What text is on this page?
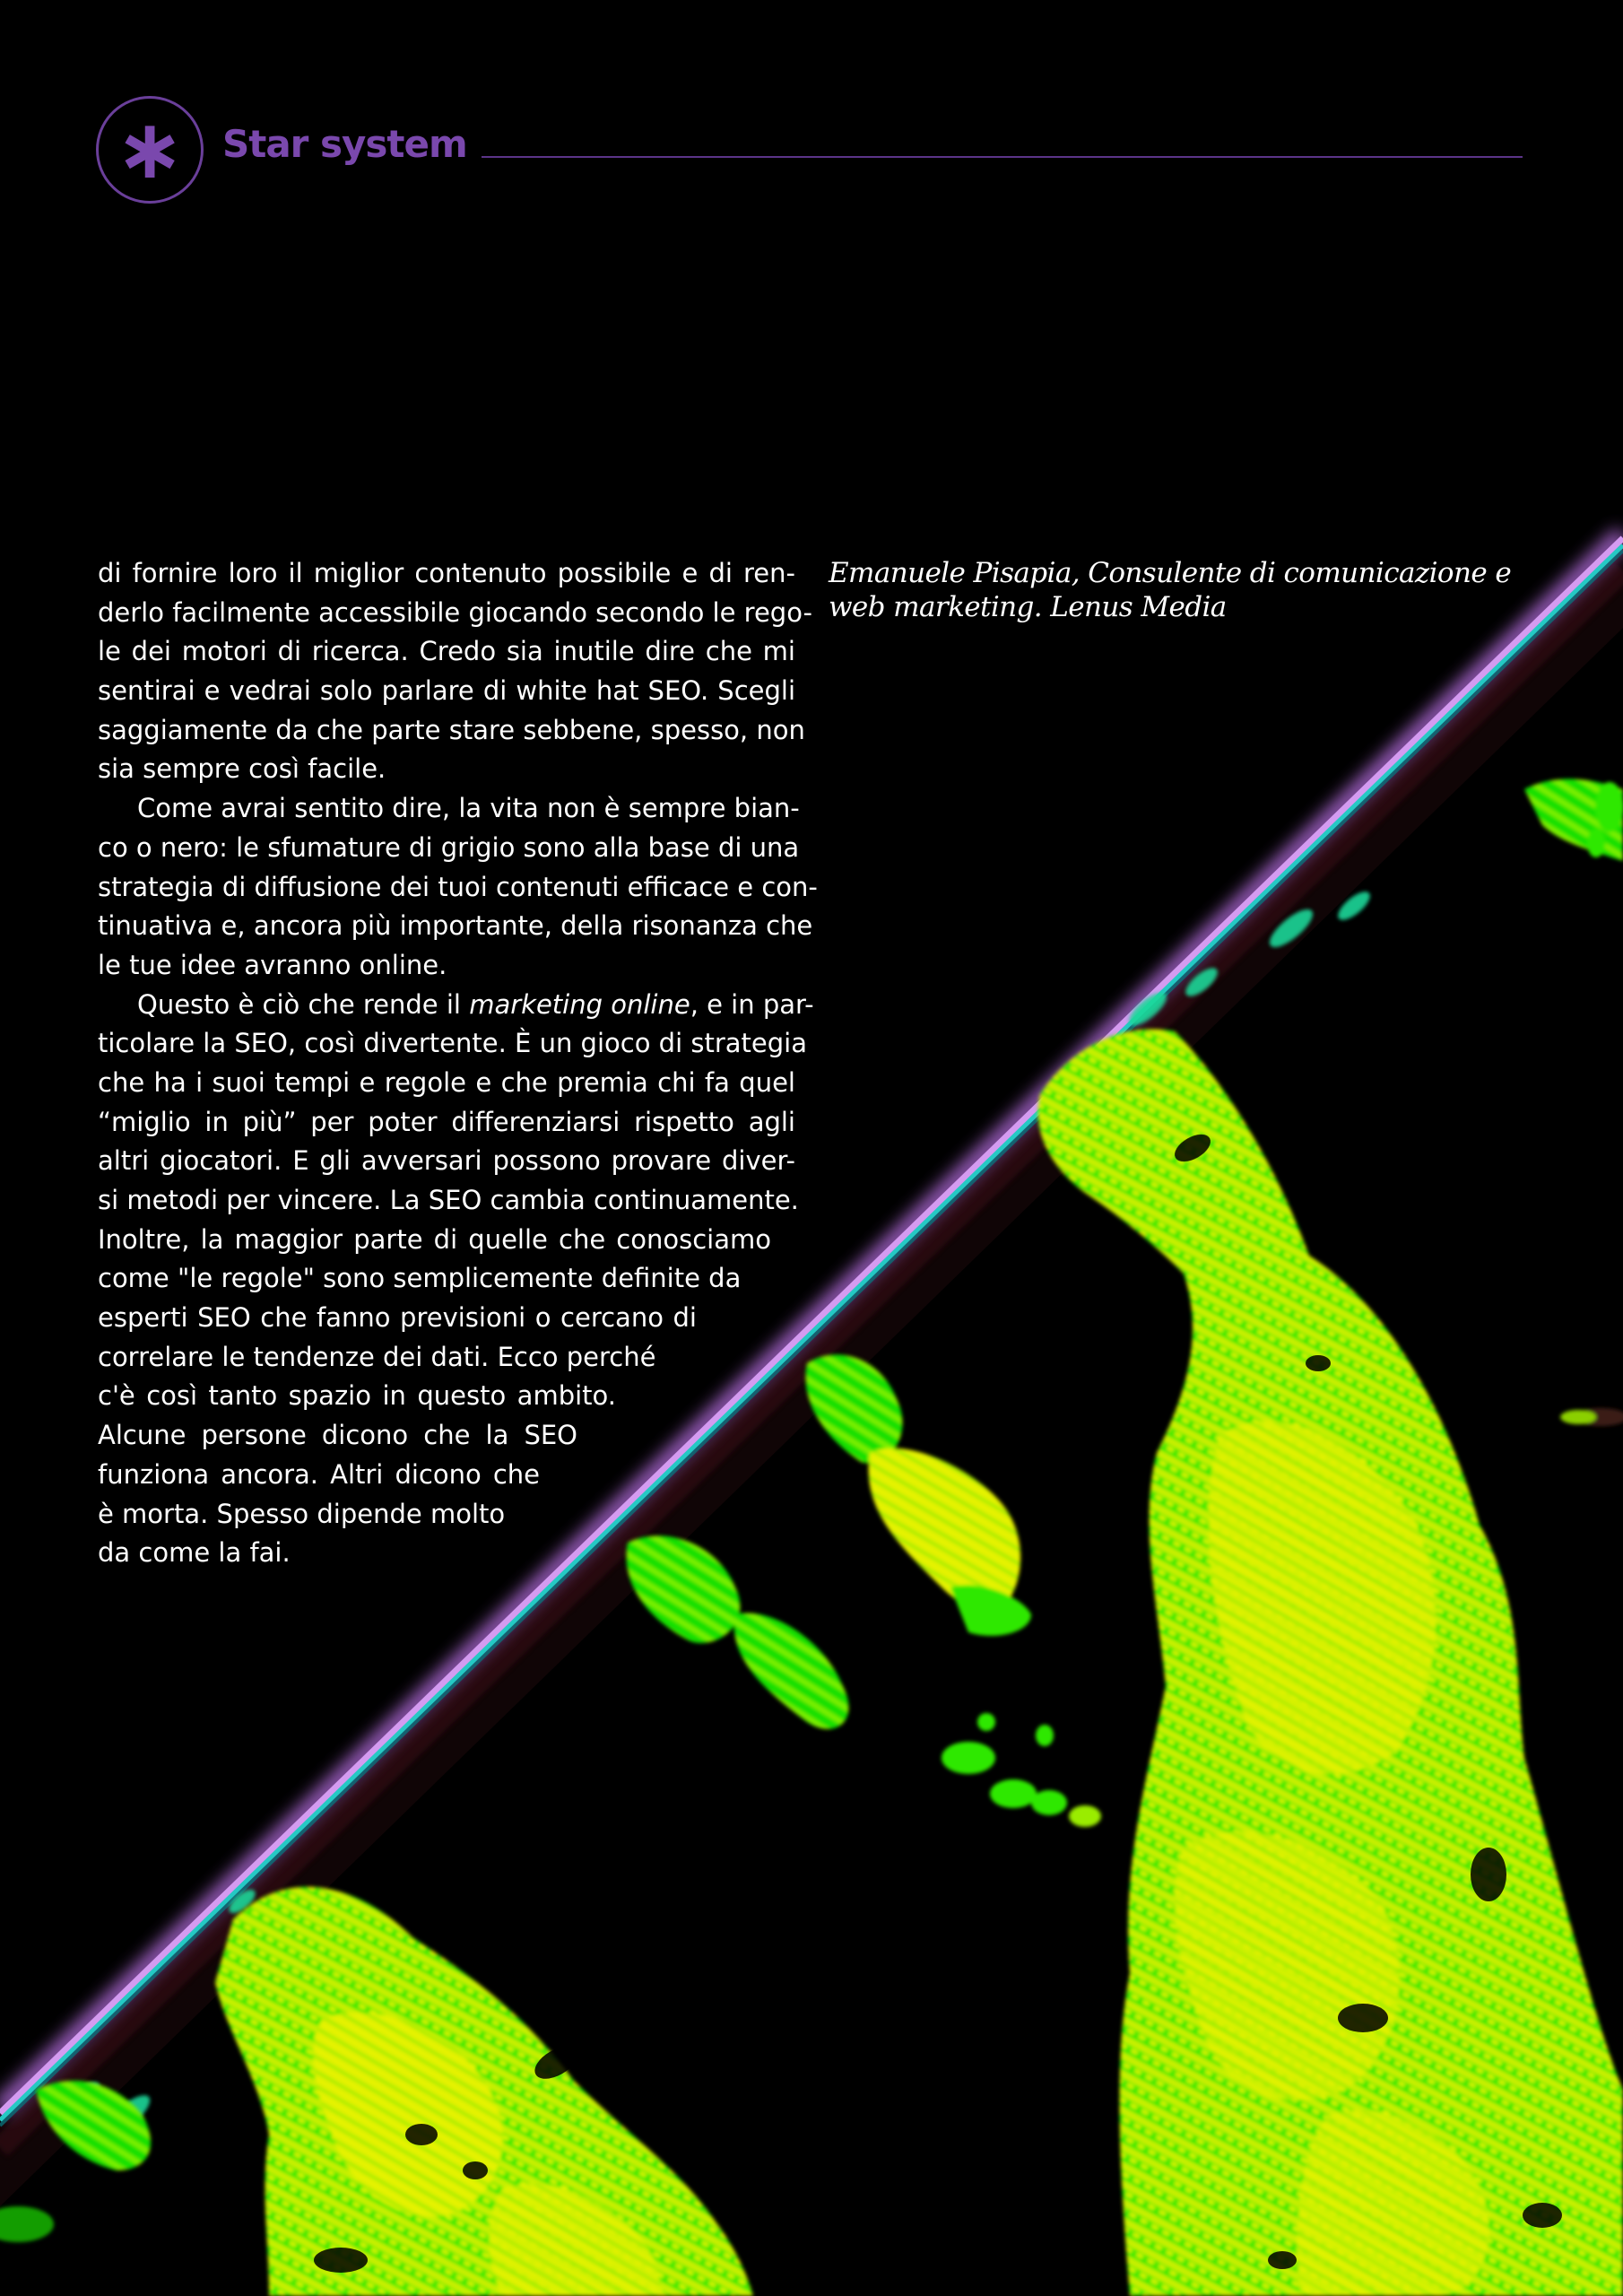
∗	Star system
di fornire loro il miglior contenuto possibile e di ren-
derlo facilmente accessibile giocando secondo le rego-
le dei motori di ricerca. Credo sia inutile dire che mi
sentirai e vedrai solo parlare di white hat SEO. Scegli
saggiamente da che parte stare sebbene, spesso, non
sia sempre così facile.
Come avrai sentito dire, la vita non è sempre bian-
co o nero: le sfumature di grigio sono alla base di una
strategia di diffusione dei tuoi contenuti efficace e con-
tinuativa e, ancora più importante, della risonanza che
le tue idee avranno online.
Questo è ciò che rende il marketing online, e in par-
ticolare la SEO, così divertente. È un gioco di strategia
che ha i suoi tempi e regole e che premia chi fa quel
“miglio in più” per poter differenziarsi rispetto agli
altri giocatori. E gli avversari possono provare diver-
si metodi per vincere. La SEO cambia continuamente.
Inoltre, la maggior parte di quelle che conosciamo
come "le regole" sono semplicemente definite da
esperti SEO che fanno previsioni o cercano di
correlare le tendenze dei dati. Ecco perché
c'è così tanto spazio in questo ambito.
Alcune persone dicono che la SEO
funziona ancora. Altri dicono che
è morta. Spesso dipende molto
da come la fai.
Emanuele Pisapia, Consulente di comunicazione e web marketing. Lenus Media
